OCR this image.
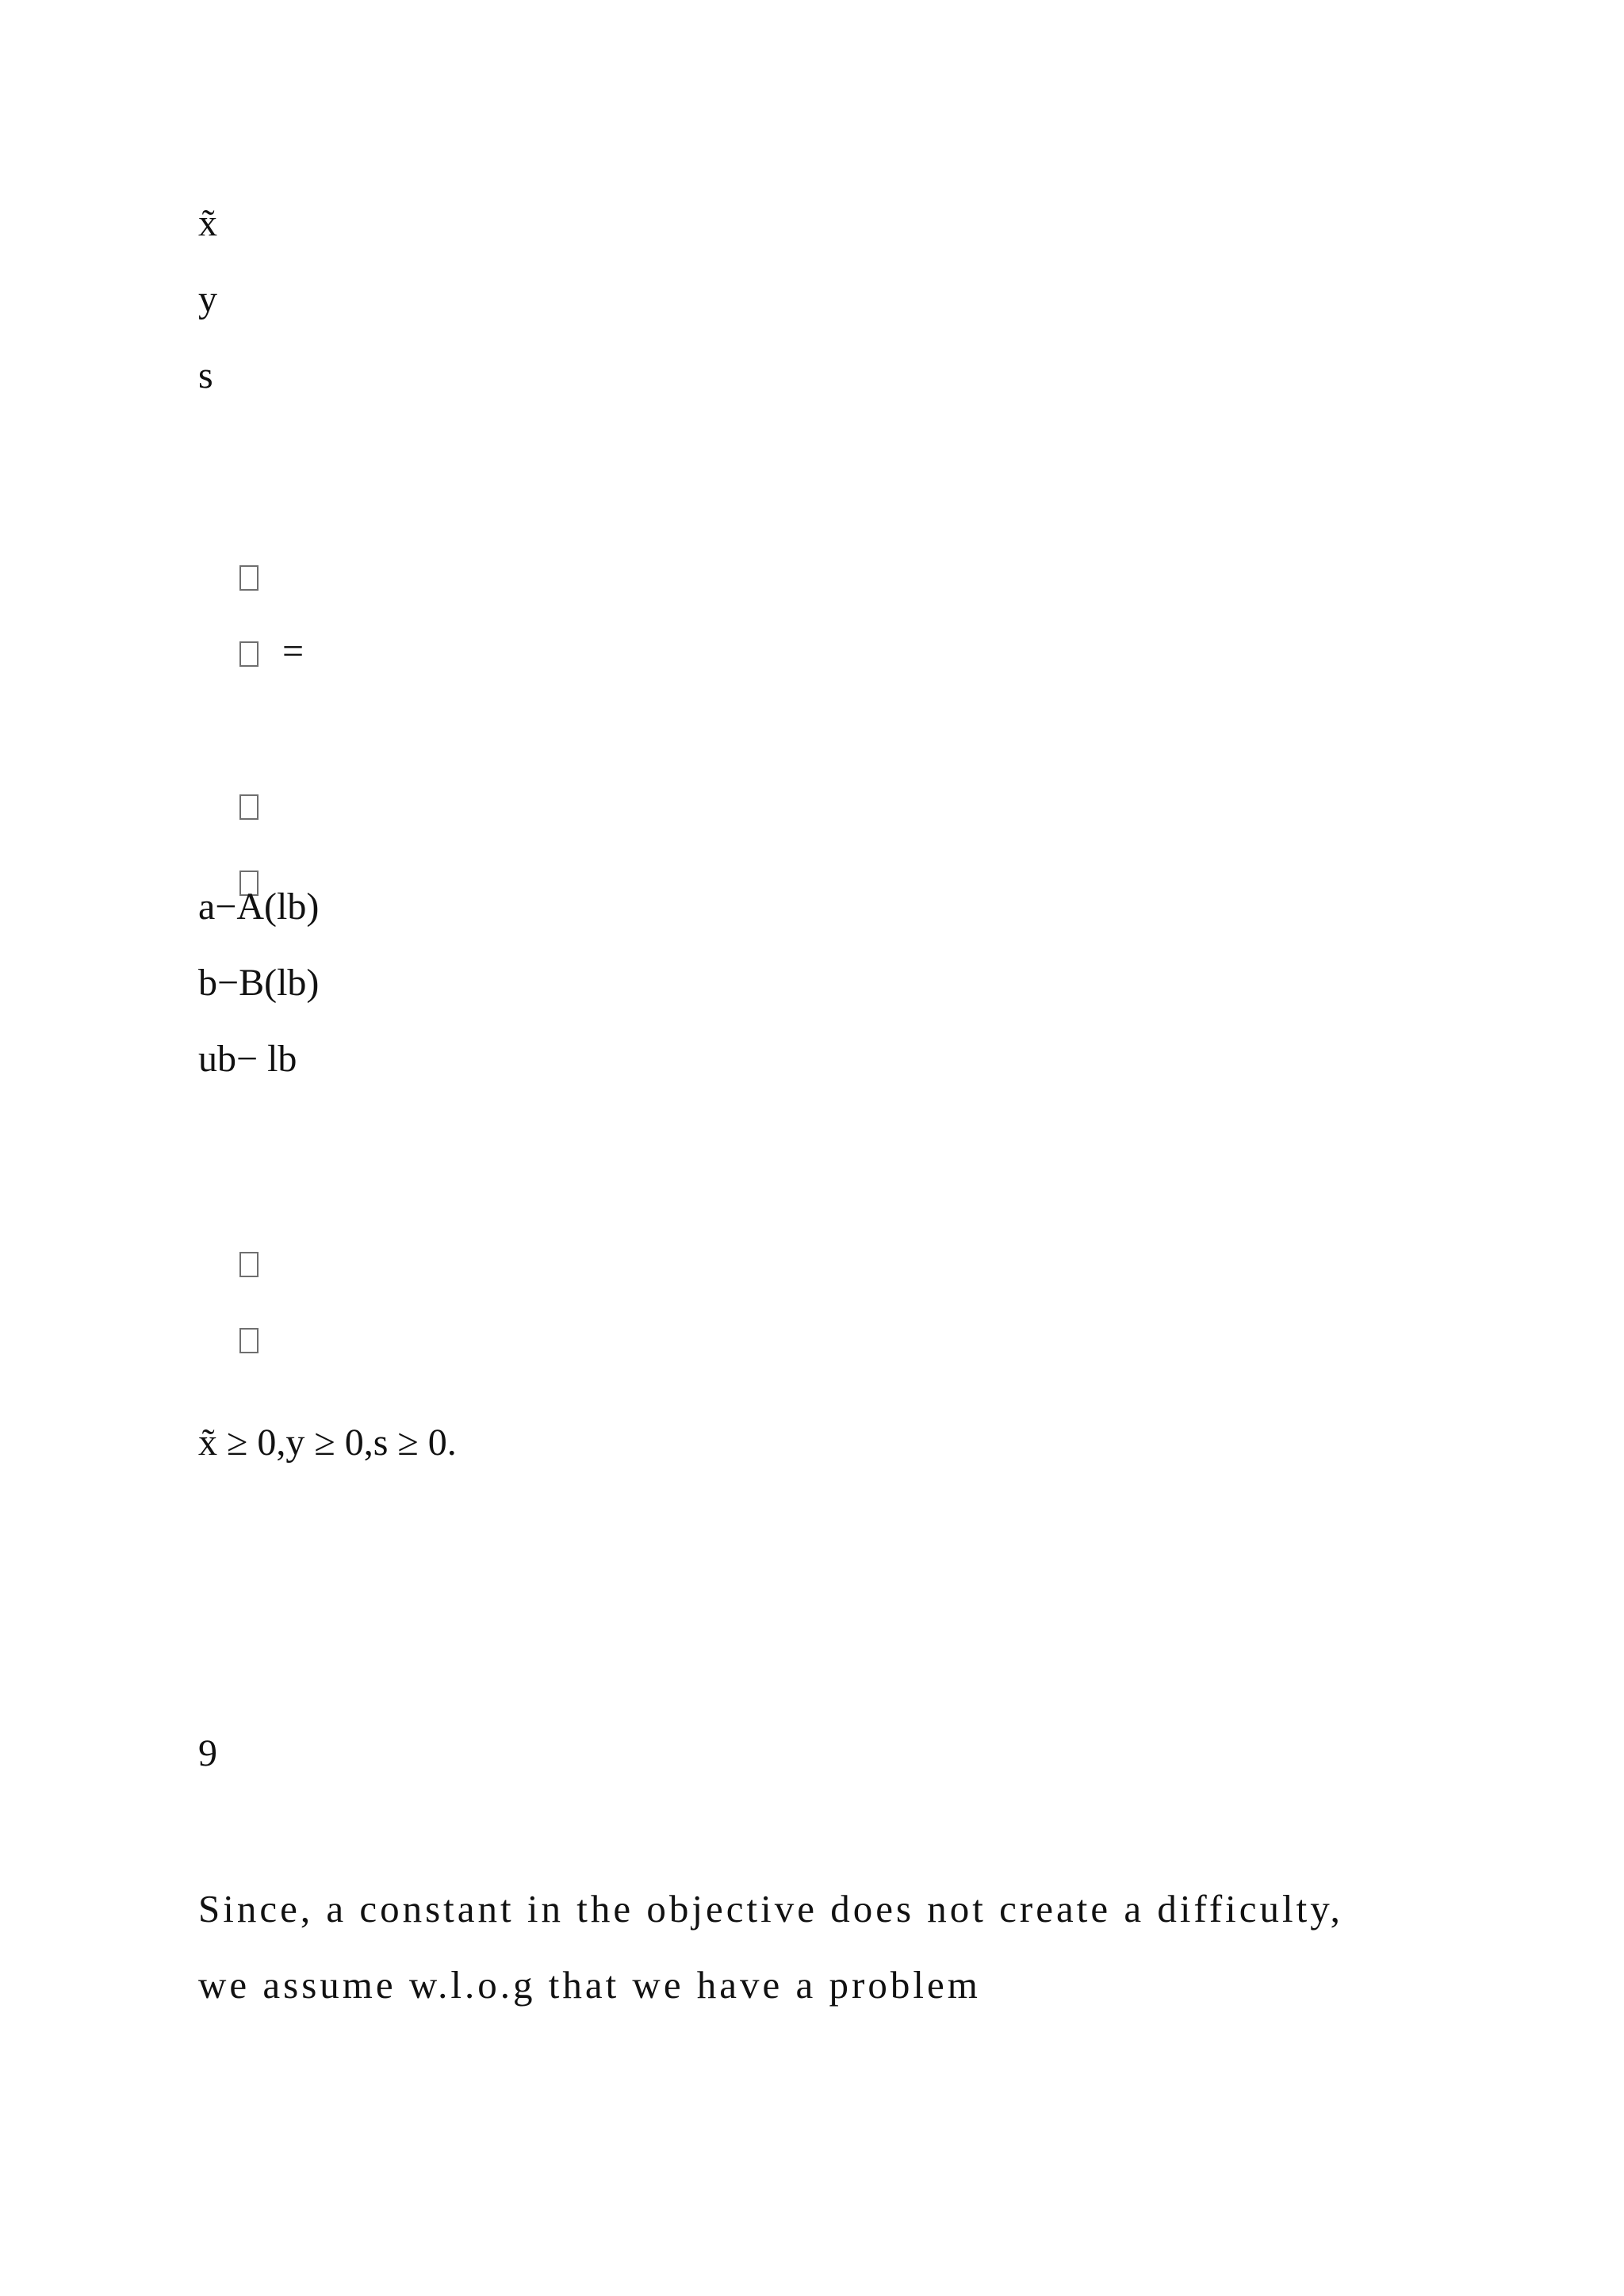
x̃
y
s

=

a−A(lb)
b−B(lb)
ub− lb

x̃ ≥ 0,y ≥ 0,s ≥ 0.
9
Since, a constant in the objective does not create a difficulty,
we assume w.l.o.g that we have a problem
